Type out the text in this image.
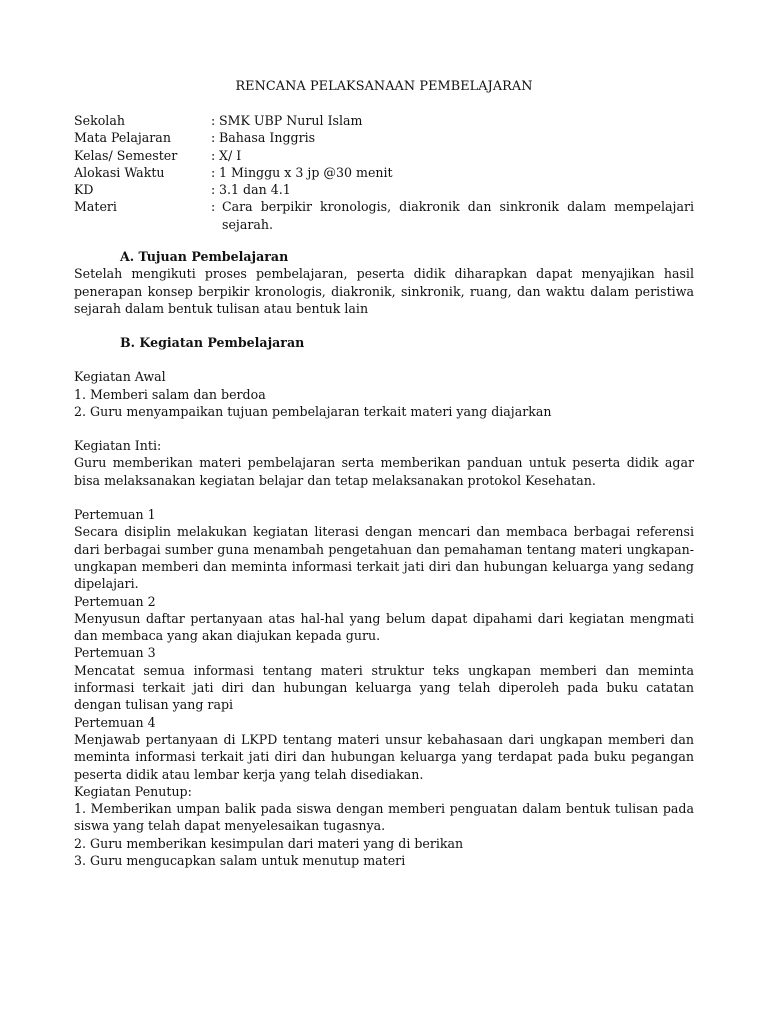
RENCANA PELAKSANAAN PEMBELAJARAN
Sekolah	: SMK UBP Nurul Islam
Mata Pelajaran	: Bahasa Inggris
Kelas/ Semester	: X/ I
Alokasi Waktu	: 1 Minggu x 3 jp @30 menit
KD	: 3.1 dan 4.1
Materi	: Cara berpikir kronologis, diakronik dan sinkronik dalam mempelajari sejarah.

A. Tujuan Pembelajaran

Setelah mengikuti proses pembelajaran, peserta didik diharapkan dapat menyajikan hasil penerapan konsep berpikir kronologis, diakronik, sinkronik, ruang, dan waktu dalam peristiwa sejarah dalam bentuk tulisan atau bentuk lain

B. Kegiatan Pembelajaran

Kegiatan Awal

1. Memberi salam dan berdoa

2. Guru menyampaikan tujuan pembelajaran terkait materi yang diajarkan

Kegiatan Inti:

Guru memberikan materi pembelajaran serta memberikan panduan untuk peserta didik agar bisa melaksanakan kegiatan belajar dan tetap melaksanakan protokol Kesehatan.

Pertemuan 1

Secara disiplin melakukan kegiatan literasi dengan mencari dan membaca berbagai referensi dari berbagai sumber guna menambah pengetahuan dan pemahaman tentang materi ungkapan-ungkapan memberi dan meminta informasi terkait jati diri dan hubungan keluarga yang sedang dipelajari.

Pertemuan 2

Menyusun daftar pertanyaan atas hal-hal yang belum dapat dipahami dari kegiatan mengmati dan membaca yang akan diajukan kepada guru.

Pertemuan 3

Mencatat semua informasi tentang materi struktur teks ungkapan memberi dan meminta informasi terkait jati diri dan hubungan keluarga yang telah diperoleh pada buku catatan dengan tulisan yang rapi

Pertemuan 4

Menjawab pertanyaan di LKPD tentang materi unsur kebahasaan dari ungkapan memberi dan meminta informasi terkait jati diri dan hubungan keluarga yang terdapat pada buku pegangan peserta didik atau lembar kerja yang telah disediakan.

Kegiatan Penutup:

1. Memberikan umpan balik pada siswa dengan memberi penguatan dalam bentuk tulisan pada siswa yang telah dapat menyelesaikan tugasnya.

2. Guru memberikan kesimpulan dari materi yang di berikan

3. Guru mengucapkan salam untuk menutup materi
